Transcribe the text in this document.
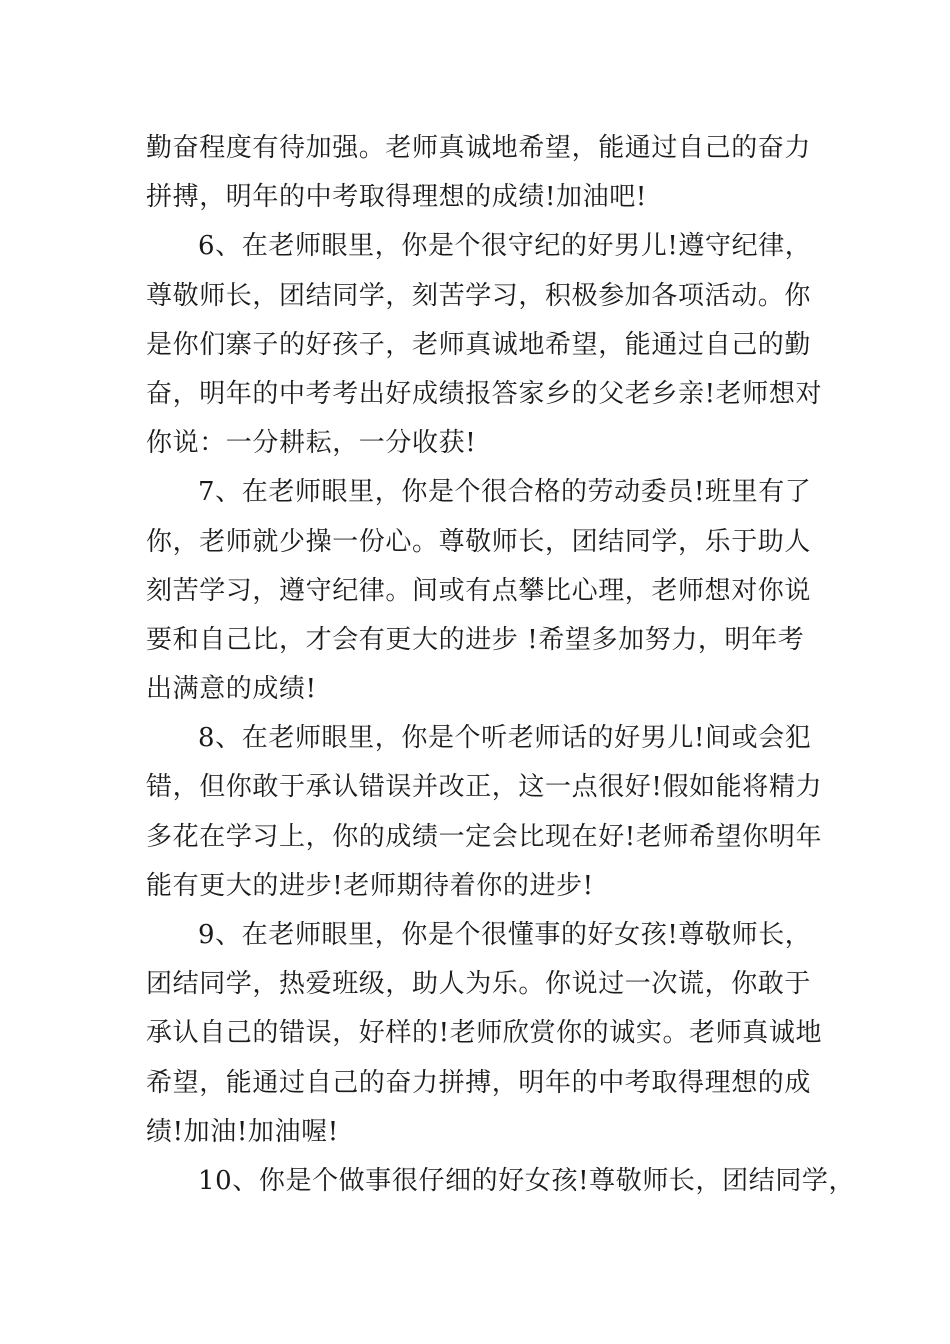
勤奋程度有待加强。老师真诚地希望，能通过自己的奋力
拼搏，明年的中考取得理想的成绩!加油吧!
6、在老师眼里，你是个很守纪的好男儿!遵守纪律，
尊敬师长，团结同学，刻苦学习，积极参加各项活动。你
是你们寨子的好孩子，老师真诚地希望，能通过自己的勤
奋，明年的中考考出好成绩报答家乡的父老乡亲!老师想对
你说：一分耕耘，一分收获!
7、在老师眼里，你是个很合格的劳动委员!班里有了
你，老师就少操一份心。尊敬师长，团结同学，乐于助人
刻苦学习，遵守纪律。间或有点攀比心理，老师想对你说
要和自己比，才会有更大的进步 !希望多加努力，明年考
出满意的成绩!
8、在老师眼里，你是个听老师话的好男儿!间或会犯
错，但你敢于承认错误并改正，这一点很好!假如能将精力
多花在学习上，你的成绩一定会比现在好!老师希望你明年
能有更大的进步!老师期待着你的进步!
9、在老师眼里，你是个很懂事的好女孩!尊敬师长，
团结同学，热爱班级，助人为乐。你说过一次谎，你敢于
承认自己的错误，好样的!老师欣赏你的诚实。老师真诚地
希望，能通过自己的奋力拼搏，明年的中考取得理想的成
绩!加油!加油喔!
10、你是个做事很仔细的好女孩!尊敬师长，团结同学，
